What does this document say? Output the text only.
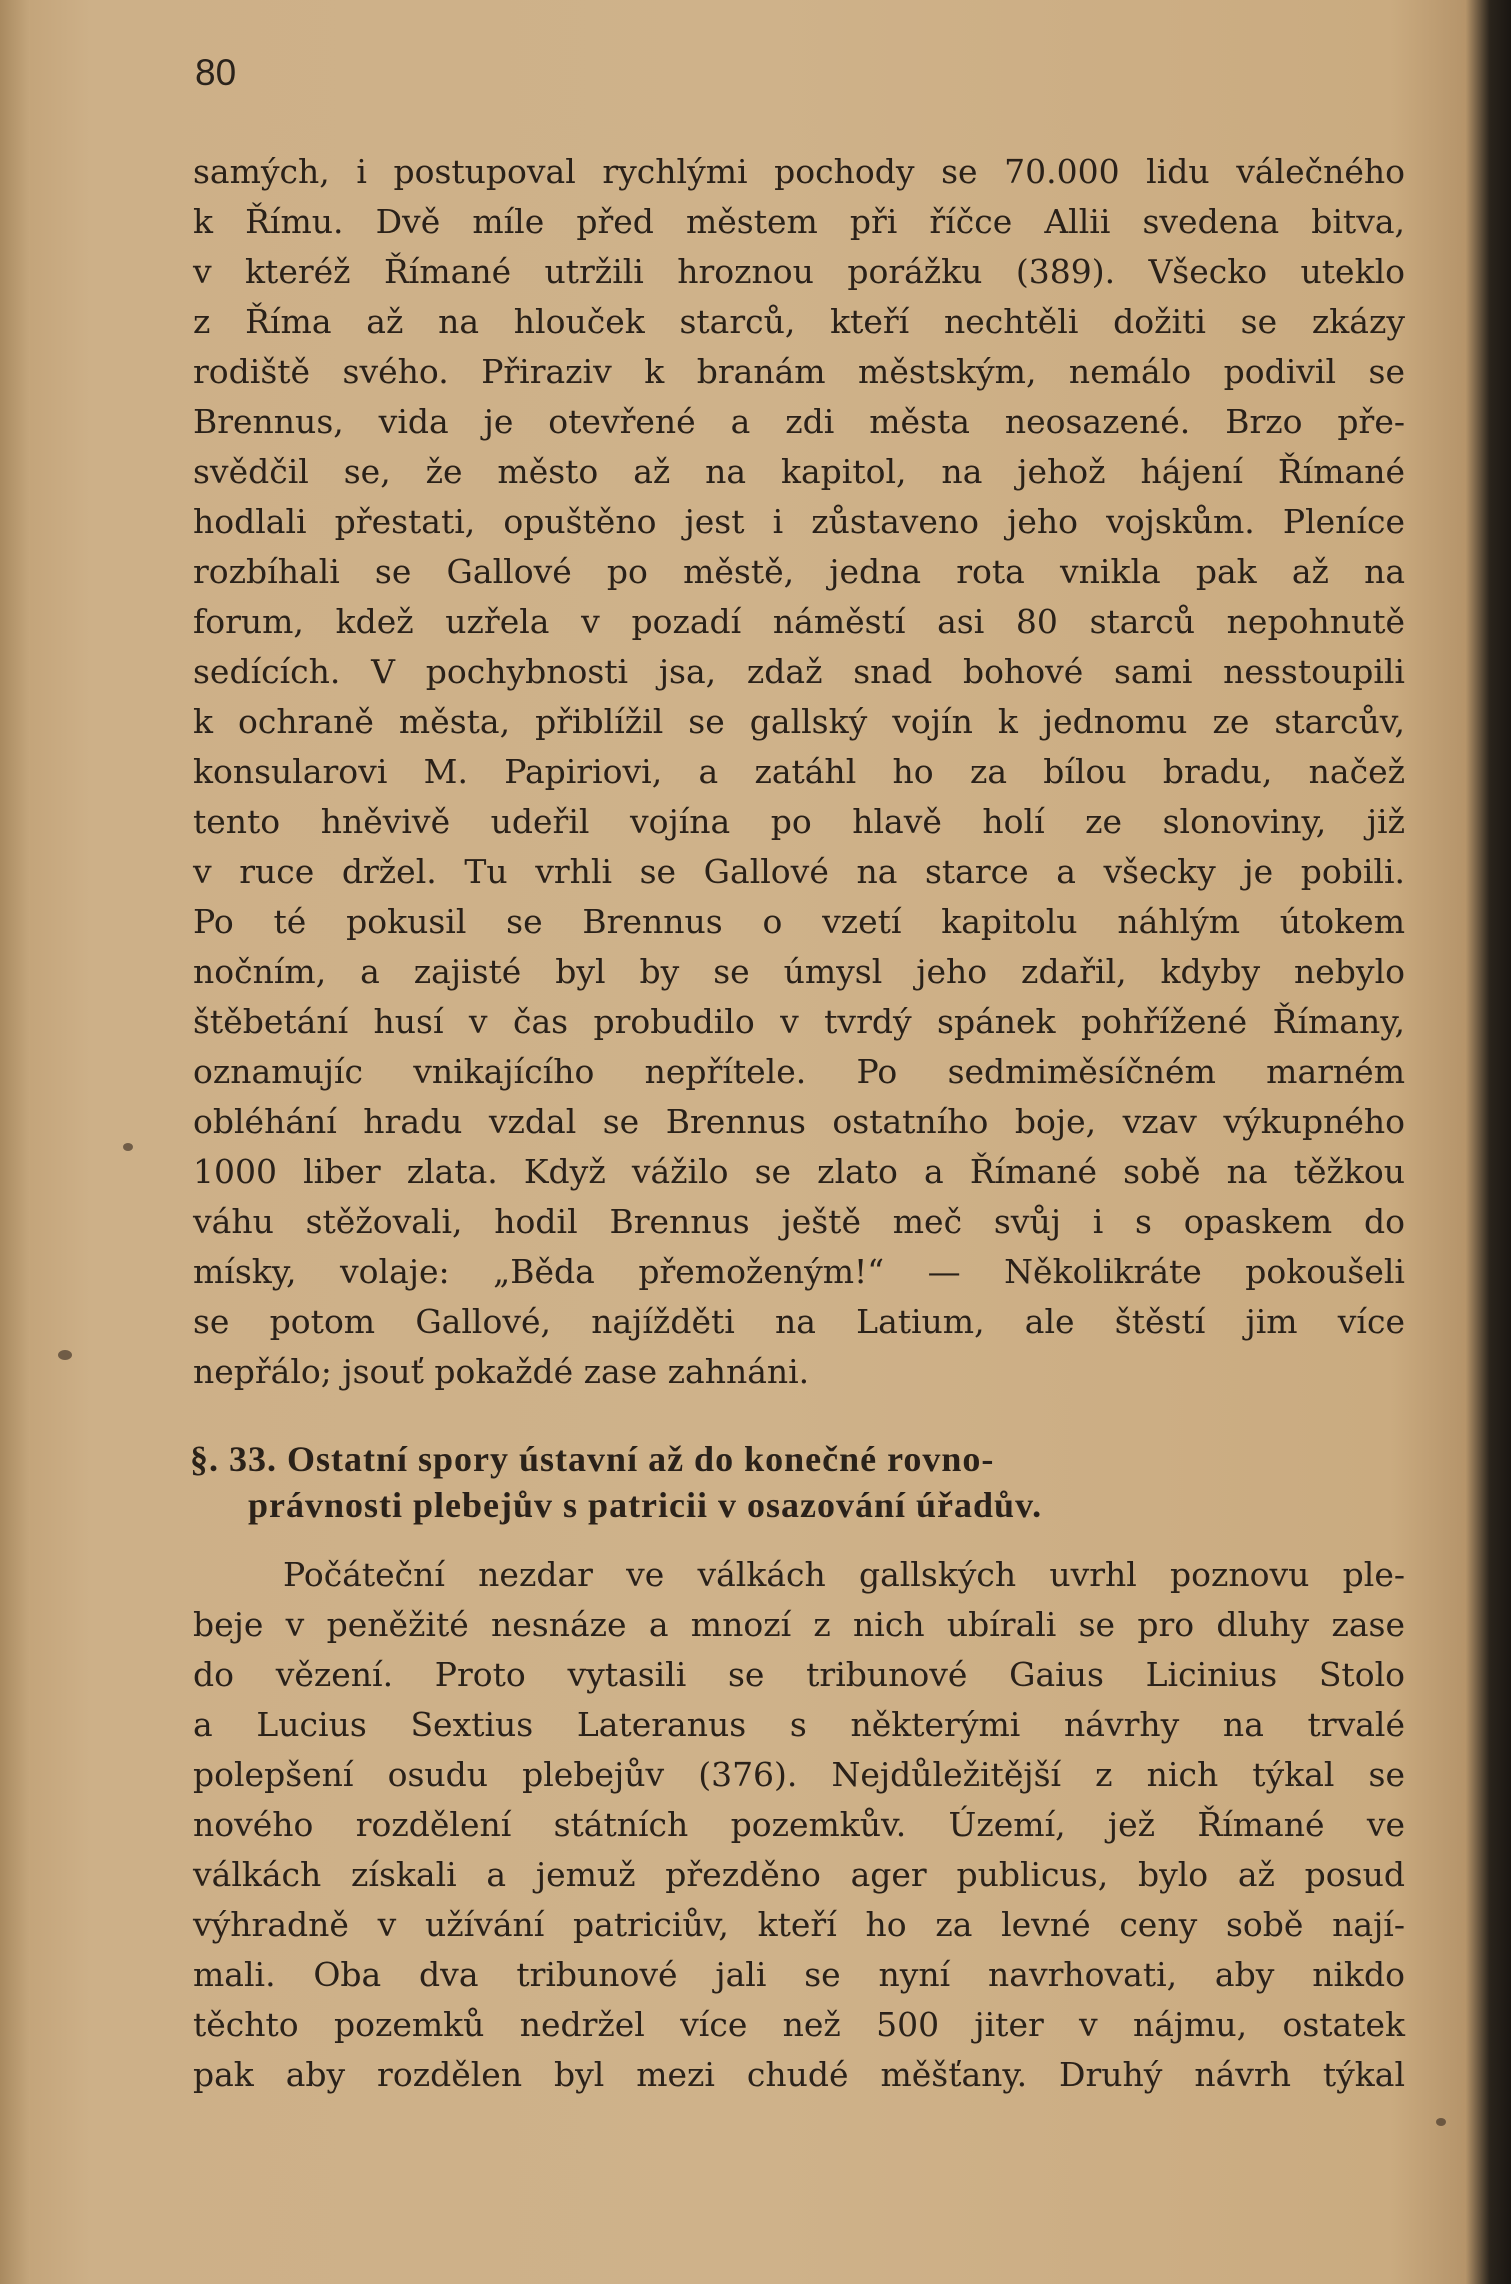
80
samých, i postupoval rychlými pochody se 70.000 lidu válečného
k Římu. Dvě míle před městem při říčce Allii svedena bitva,
v kteréž Římané utržili hroznou porážku (389). Všecko uteklo
z Říma až na hlouček starců, kteří nechtěli dožiti se zkázy
rodiště svého. Přiraziv k branám městským, nemálo podivil se
Brennus, vida je otevřené a zdi města neosazené. Brzo pře-
svědčil se, že město až na kapitol, na jehož hájení Římané
hodlali přestati, opuštěno jest i zůstaveno jeho vojskům. Pleníce
rozbíhali se Gallové po městě, jedna rota vnikla pak až na
forum, kdež uzřela v pozadí náměstí asi 80 starců nepohnutě
sedících. V pochybnosti jsa, zdaž snad bohové sami nesstoupili
k ochraně města, přiblížil se gallský vojín k jednomu ze starcův,
konsularovi M. Papiriovi, a zatáhl ho za bílou bradu, načež
tento hněvivě udeřil vojína po hlavě holí ze slonoviny, již
v ruce držel. Tu vrhli se Gallové na starce a všecky je pobili.
Po té pokusil se Brennus o vzetí kapitolu náhlým útokem
nočním, a zajisté byl by se úmysl jeho zdařil, kdyby nebylo
štěbetání husí v čas probudilo v tvrdý spánek pohřížené Římany,
oznamujíc vnikajícího nepřítele. Po sedmiměsíčném marném
obléhání hradu vzdal se Brennus ostatního boje, vzav výkupného
1000 liber zlata. Když vážilo se zlato a Římané sobě na těžkou
váhu stěžovali, hodil Brennus ještě meč svůj i s opaskem do
mísky, volaje: „Běda přemoženým!“ — Několikráte pokoušeli
se potom Gallové, najížděti na Latium, ale štěstí jim více
nepřálo; jsouť pokaždé zase zahnáni.
§. 33. Ostatní spory ústavní až do konečné rovno-
právnosti plebejův s patricii v osazování úřadův.
Počáteční nezdar ve válkách gallských uvrhl poznovu ple-
beje v peněžité nesnáze a mnozí z nich ubírali se pro dluhy zase
do vězení. Proto vytasili se tribunové Gaius Licinius Stolo
a Lucius Sextius Lateranus s některými návrhy na trvalé
polepšení osudu plebejův (376). Nejdůležitější z nich týkal se
nového rozdělení státních pozemkův. Území, jež Římané ve
válkách získali a jemuž přezděno ager publicus, bylo až posud
výhradně v užívání patriciův, kteří ho za levné ceny sobě nají-
mali. Oba dva tribunové jali se nyní navrhovati, aby nikdo
těchto pozemků nedržel více než 500 jiter v nájmu, ostatek
pak aby rozdělen byl mezi chudé měšťany. Druhý návrh týkal
